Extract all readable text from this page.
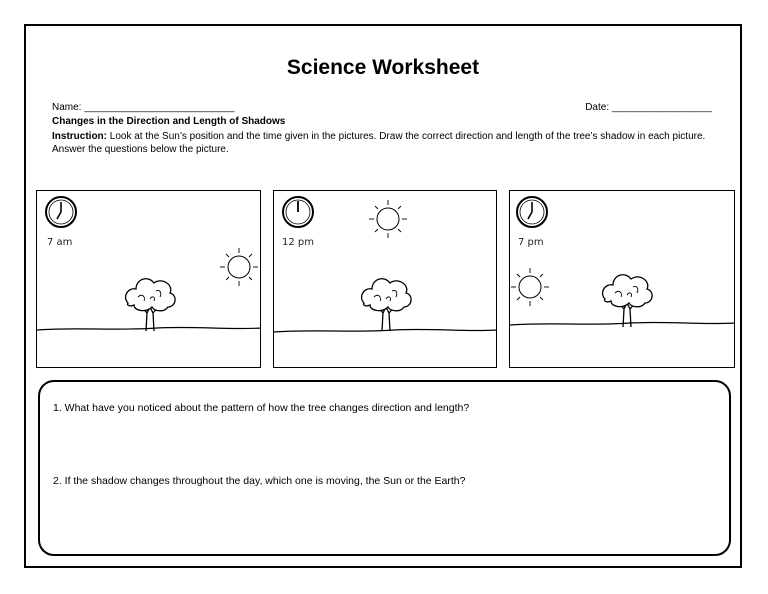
Science Worksheet
Name: ___________________________	Date: __________________
Changes in the Direction and Length of Shadows
Instruction: Look at the Sun’s position and the time given in the pictures. Draw the correct direction and length of the tree’s shadow in each picture. Answer the questions below the picture.
7 am	12 pm	7 pm
1. What have you noticed about the pattern of how the tree changes direction and length?
2. If the shadow changes throughout the day, which one is moving, the Sun or the Earth?
